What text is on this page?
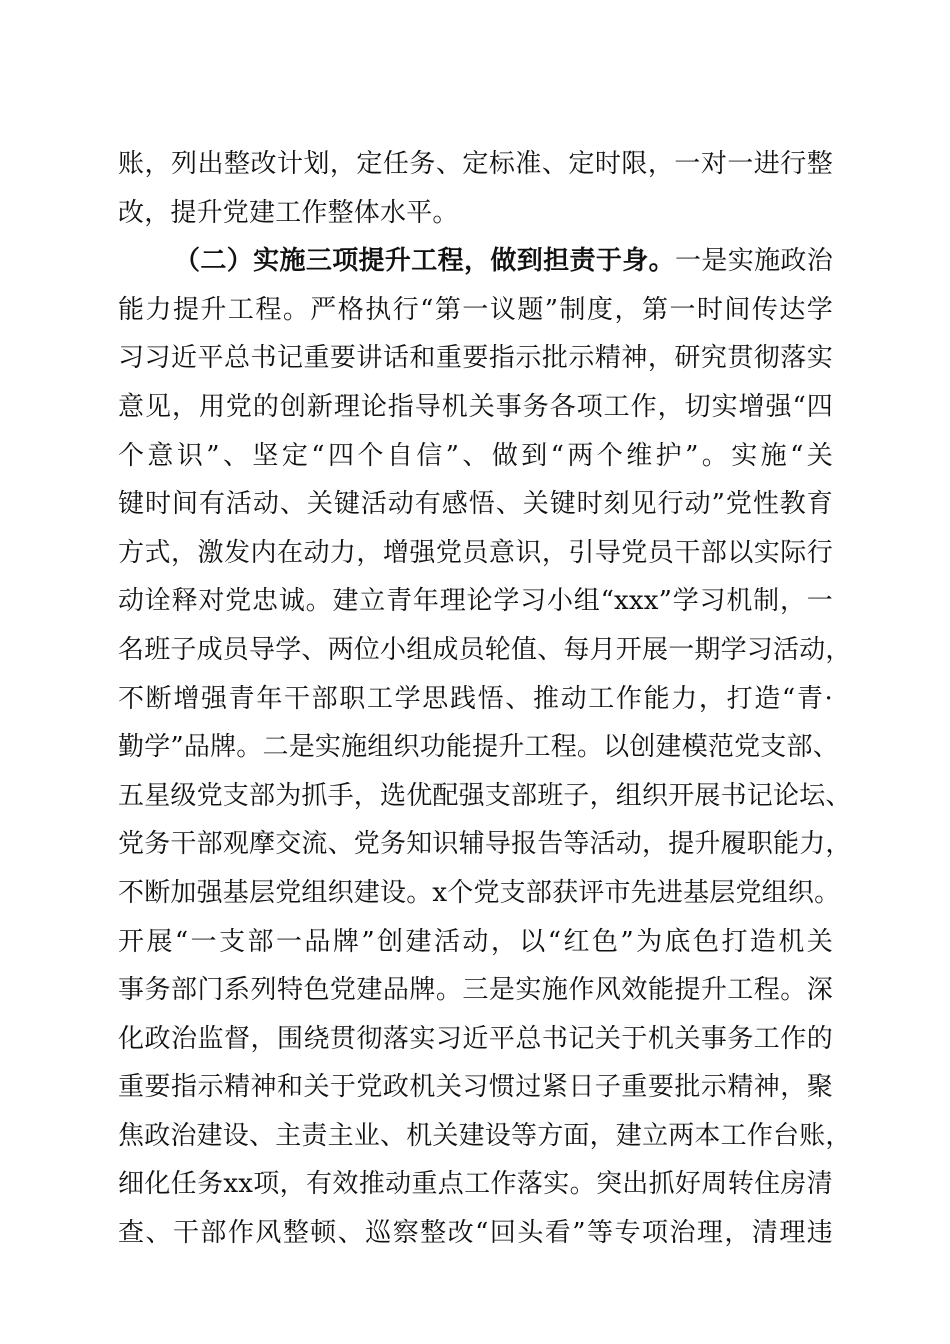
账，列出整改计划，定任务、定标准、定时限，一对一进行整
改，提升党建工作整体水平。
（二）实施三项提升工程，做到担责于身。一是实施政治
能力提升工程。严格执行“第一议题”制度，第一时间传达学
习习近平总书记重要讲话和重要指示批示精神，研究贯彻落实
意见，用党的创新理论指导机关事务各项工作，切实增强“四
个意识”、坚定“四个自信”、做到“两个维护”。实施“关
键时间有活动、关键活动有感悟、关键时刻见行动”党性教育
方式，激发内在动力，增强党员意识，引导党员干部以实际行
动诠释对党忠诚。建立青年理论学习小组“xxx”学习机制，一
名班子成员导学、两位小组成员轮值、每月开展一期学习活动，
不断增强青年干部职工学思践悟、推动工作能力，打造“青·
勤学”品牌。二是实施组织功能提升工程。以创建模范党支部、
五星级党支部为抓手，选优配强支部班子，组织开展书记论坛、
党务干部观摩交流、党务知识辅导报告等活动，提升履职能力，
不断加强基层党组织建设。x个党支部获评市先进基层党组织。
开展“一支部一品牌”创建活动，以“红色”为底色打造机关
事务部门系列特色党建品牌。三是实施作风效能提升工程。深
化政治监督，围绕贯彻落实习近平总书记关于机关事务工作的
重要指示精神和关于党政机关习惯过紧日子重要批示精神，聚
焦政治建设、主责主业、机关建设等方面，建立两本工作台账，
细化任务xx项，有效推动重点工作落实。突出抓好周转住房清
查、干部作风整顿、巡察整改“回头看”等专项治理，清理违
